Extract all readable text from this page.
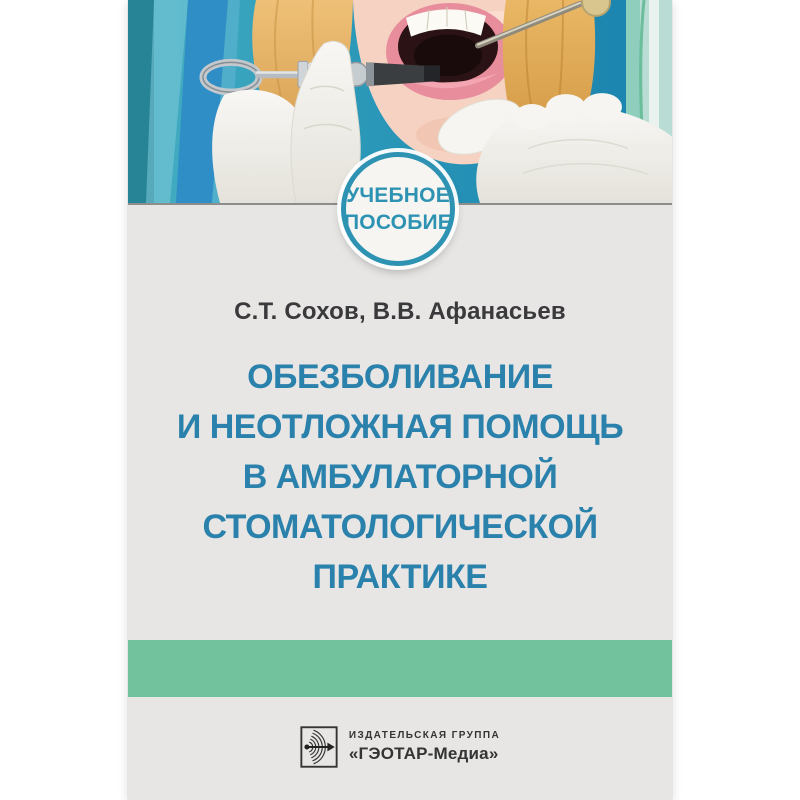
УЧЕБНОЕ
ПОСОБИЕ
С.Т. Сохов, В.В. Афанасьев
ОБЕЗБОЛИВАНИЕ
И НЕОТЛОЖНАЯ ПОМОЩЬ
В АМБУЛАТОРНОЙ
СТОМАТОЛОГИЧЕСКОЙ
ПРАКТИКЕ
ИЗДАТЕЛЬСКАЯ ГРУППА
«ГЭОТАР-Медиа»
